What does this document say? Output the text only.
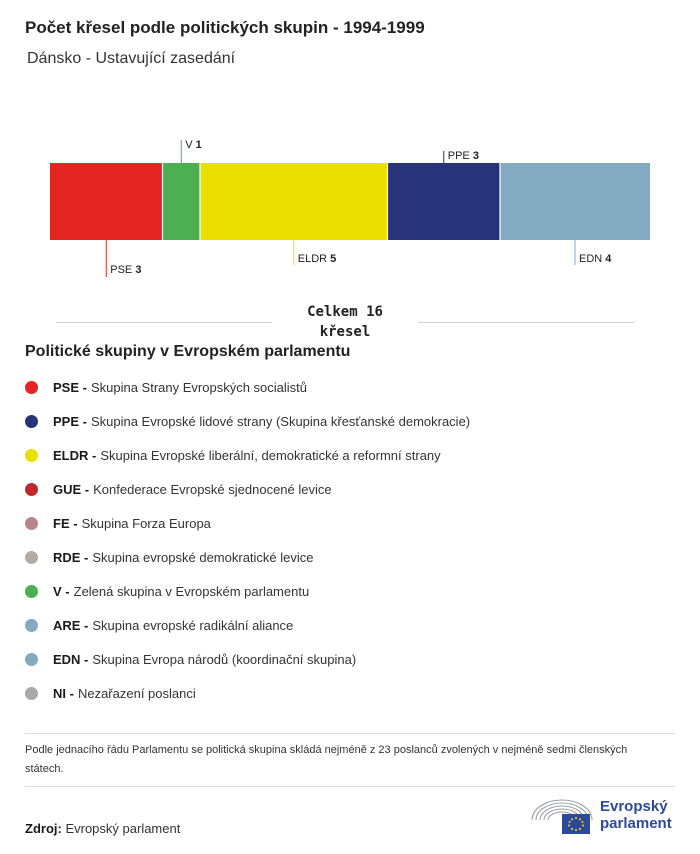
Počet křesel podle politických skupin - 1994-1999
Dánsko - Ustavující zasedání
PSE 3
V 1
ELDR 5
PPE 3
EDN 4
Celkem 16
křesel
Politické skupiny v Evropském parlamentu
PSE - Skupina Strany Evropských socialistů
PPE - Skupina Evropské lidové strany (Skupina křesťanské demokracie)
ELDR - Skupina Evropské liberální, demokratické a reformní strany
GUE - Konfederace Evropské sjednocené levice
FE - Skupina Forza Europa
RDE - Skupina evropské demokratické levice
V - Zelená skupina v Evropském parlamentu
ARE - Skupina evropské radikální aliance
EDN - Skupina Evropa národů (koordinační skupina)
NI - Nezařazení poslanci
Podle jednacího řádu Parlamentu se politická skupina skládá nejméně z 23 poslanců zvolených v nejméně sedmi členských státech.
Zdroj: Evropský parlament
Evropský
parlament
